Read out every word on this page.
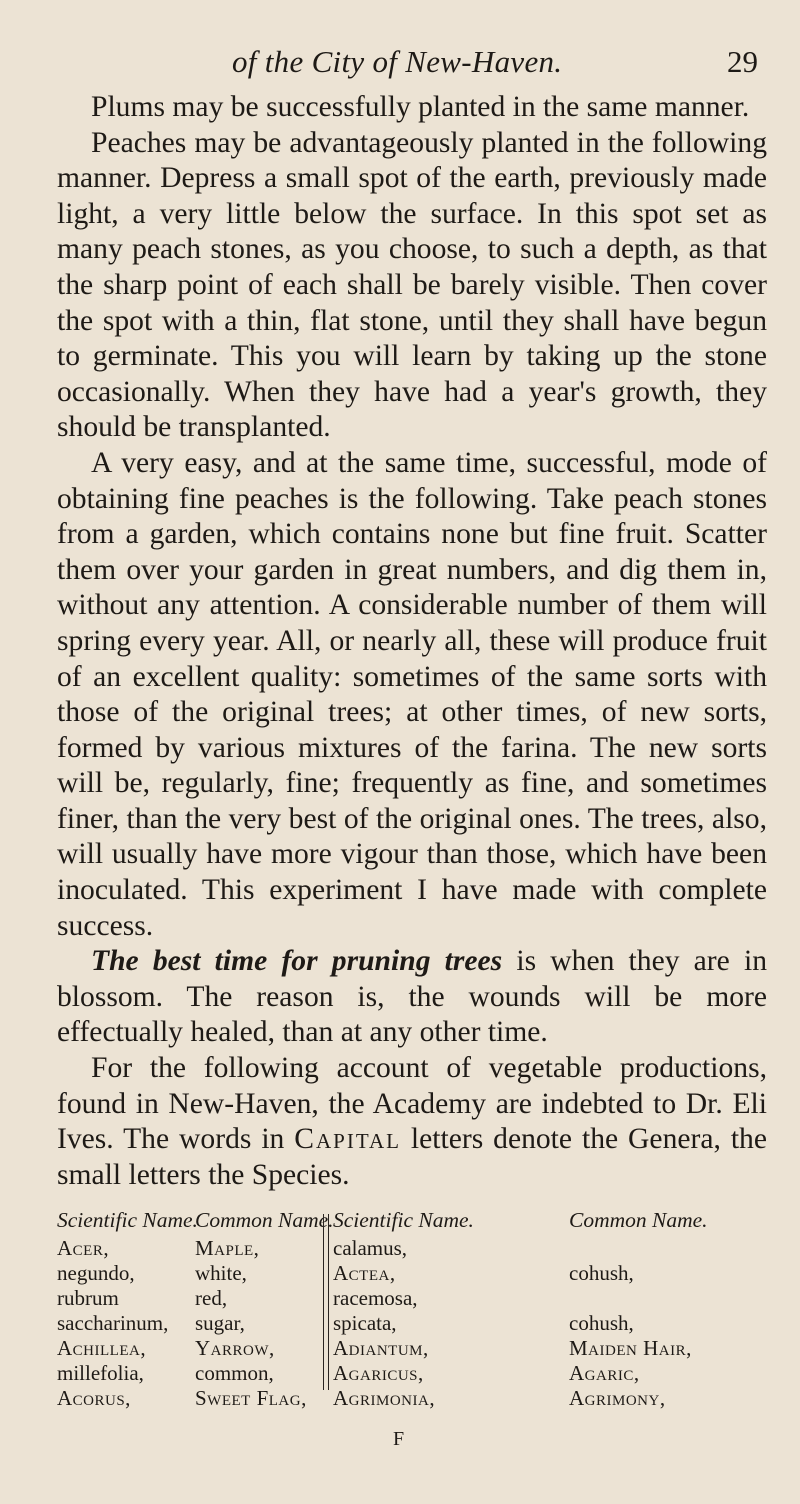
of the City of New-Haven.	29

Plums may be successfully planted in the same manner.

Peaches may be advantageously planted in the following manner. Depress a small spot of the earth, previously made light, a very little below the surface. In this spot set as many peach stones, as you choose, to such a depth, as that the sharp point of each shall be barely visible. Then cover the spot with a thin, flat stone, until they shall have begun to germinate. This you will learn by taking up the stone occasionally. When they have had a year's growth, they should be transplanted.

A very easy, and at the same time, successful, mode of obtaining fine peaches is the following. Take peach stones from a garden, which contains none but fine fruit. Scatter them over your garden in great numbers, and dig them in, without any attention. A considerable number of them will spring every year. All, or nearly all, these will produce fruit of an excellent quality: sometimes of the same sorts with those of the original trees; at other times, of new sorts, formed by various mixtures of the farina. The new sorts will be, regularly, fine; frequently as fine, and sometimes finer, than the very best of the original ones. The trees, also, will usually have more vigour than those, which have been inoculated. This experiment I have made with complete success.

The best time for pruning trees is when they are in blossom. The reason is, the wounds will be more effectually healed, than at any other time.

For the following account of vegetable productions, found in New-Haven, the Academy are indebted to Dr. Eli Ives. The words in Capital letters denote the Genera, the small letters the Species.

Scientific Name.
Acer,
negundo,
rubrum
saccharinum,
Achillea,
millefolia,
Acorus,
Common Name.
Maple,
white,
red,
sugar,
Yarrow,
common,
Sweet Flag,
Scientific Name.
calamus,
Actea,
racemosa,
spicata,
Adiantum,
Agaricus,
Agrimonia,
Common Name.

cohush,

cohush,
Maiden Hair,
Agaric,
Agrimony,
F
